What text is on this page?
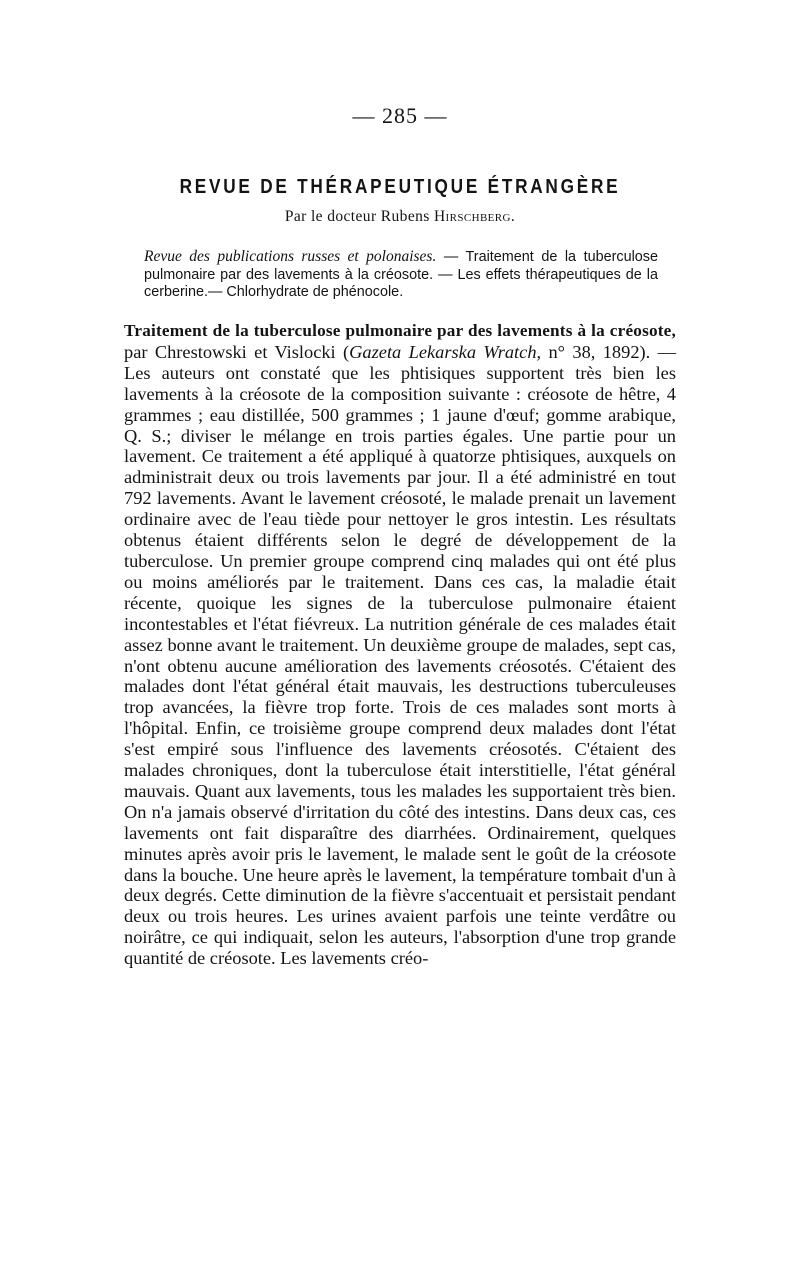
— 285 —
REVUE DE THÉRAPEUTIQUE ÉTRANGÈRE
Par le docteur Rubens Hirschberg.
Revue des publications russes et polonaises. — Traitement de la tuberculose pulmonaire par des lavements à la créosote. — Les effets thérapeutiques de la cerberine.— Chlorhydrate de phénocole.
Traitement de la tuberculose pulmonaire par des lavements à la créosote, par Chrestowski et Vislocki (Gazeta Lekarska Wratch, n° 38, 1892). — Les auteurs ont constaté que les phtisiques supportent très bien les lavements à la créosote de la composition suivante : créosote de hêtre, 4 grammes ; eau distillée, 500 grammes ; 1 jaune d'œuf; gomme arabique, Q. S.; diviser le mélange en trois parties égales. Une partie pour un lavement. Ce traitement a été appliqué à quatorze phtisiques, auxquels on administrait deux ou trois lavements par jour. Il a été administré en tout 792 lavements. Avant le lavement créosoté, le malade prenait un lavement ordinaire avec de l'eau tiède pour nettoyer le gros intestin. Les résultats obtenus étaient différents selon le degré de développement de la tuberculose. Un premier groupe comprend cinq malades qui ont été plus ou moins améliorés par le traitement. Dans ces cas, la maladie était récente, quoique les signes de la tuberculose pulmonaire étaient incontestables et l'état fiévreux. La nutrition générale de ces malades était assez bonne avant le traitement. Un deuxième groupe de malades, sept cas, n'ont obtenu aucune amélioration des lavements créosotés. C'étaient des malades dont l'état général était mauvais, les destructions tuberculeuses trop avancées, la fièvre trop forte. Trois de ces malades sont morts à l'hôpital. Enfin, ce troisième groupe comprend deux malades dont l'état s'est empiré sous l'influence des lavements créosotés. C'étaient des malades chroniques, dont la tuberculose était interstitielle, l'état général mauvais. Quant aux lavements, tous les malades les supportaient très bien. On n'a jamais observé d'irritation du côté des intestins. Dans deux cas, ces lavements ont fait disparaître des diarrhées. Ordinairement, quelques minutes après avoir pris le lavement, le malade sent le goût de la créosote dans la bouche. Une heure après le lavement, la température tombait d'un à deux degrés. Cette diminution de la fièvre s'accentuait et persistait pendant deux ou trois heures. Les urines avaient parfois une teinte verdâtre ou noirâtre, ce qui indiquait, selon les auteurs, l'absorption d'une trop grande quantité de créosote. Les lavements créo-
